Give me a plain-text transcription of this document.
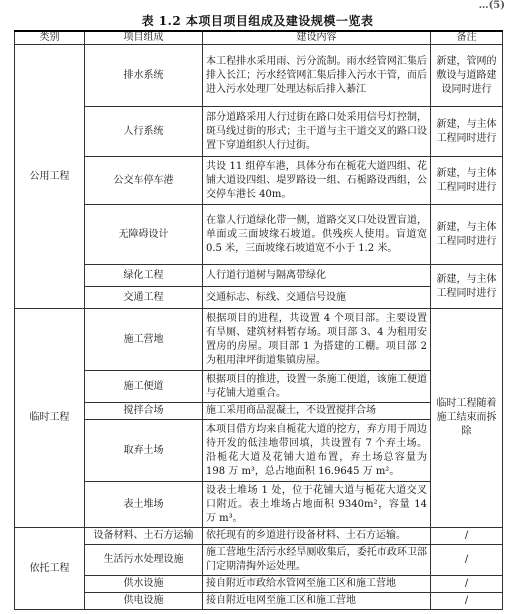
…(5)
表 1.2 本项目项目组成及建设规模一览表
类别	项目组成	建设内容	备注
公用工程	排水系统	本工程排水采用雨、污分流制。雨水经管网汇集后排入长江；污水经管网汇集后排入污水干管，而后进入污水处理厂处理达标后排入綦江	新建，管网的敷设与道路建设同时进行
	人行系统	部分道路采用人行过街在路口处采用信号灯控制，斑马线过街的形式；主干道与主干道交叉的路口设置下穿道组织人行过街。	新建，与主体工程同时进行
	公交车停车港	共设 11 组停车港，具体分布在栀花大道四组、花铺大道设四组、堤罗路设一组、石栀路设西组，公交停车港长 40m。	新建，与主体工程同时进行
	无障碍设计	在靠人行道绿化带一侧，道路交叉口处设置盲道，单面或三面坡缘石坡道。供残疾人使用。盲道宽 0.5 米，三面坡缘石坡道宽不小于 1.2 米。	新建，与主体工程同时进行
	绿化工程	人行道行道树与隔离带绿化	新建，与主体工程同时进行
	交通工程	交通标志、标线、交通信号设施	
临时工程	施工营地	根据项目的进程，共设置 4 个项目部。主要设置有旱厕、建筑材料暂存场。项目部 3、4 为租用安置房的房屋。项目部 1 为搭建的工棚。项目部 2 为租用津坪街道集镇房屋。	临时工程随着施工结束而拆除
	施工便道	根据项目的推进，设置一条施工便道，该施工便道与花铺大道重合。	
	搅拌合场	施工采用商品混凝土，不设置搅拌合场	
	取弃土场	本项目借方均来自栀花大道的挖方，弃方用于周边待开发的低洼地带回填，共设置有 7 个弃土场。沿栀花大道及花铺大道布置，弃土场总容量为 198 万 m³，总占地面积 16.9645 万 m²。	
	表土堆场	设表土堆场 1 处，位于花铺大道与栀花大道交叉口附近。表土堆场占地面积 9340m²，容量 14 万 m³。	
依托工程	设备材料、土石方运输	依托现有的乡道进行设备材料、土石方运输。	/
	生活污水处理设施	施工营地生活污水经旱厕收集后，委托市政环卫部门定期清掏外运处理。	/
	供水设施	接自附近市政给水管网至施工区和施工营地	/
	供电设施	接自附近电网至施工区和施工营地	/
